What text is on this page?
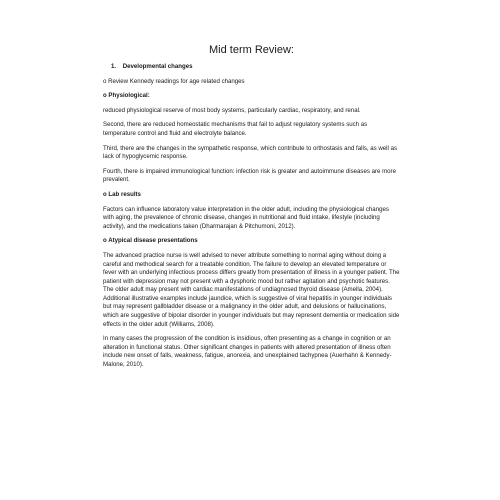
Mid term Review:
1. Developmental changes

o Review Kennedy readings for age related changes

o Physiological:

reduced physiological reserve of most body systems, particularly cardiac, respiratory, and renal.

Second, there are reduced homeostatic mechanisms that fail to adjust regulatory systems such as temperature control and fluid and electrolyte balance.

Third, there are the changes in the sympathetic response, which contribute to orthostasis and falls, as well as lack of hypoglycemic response.

Fourth, there is impaired immunological function: infection risk is greater and autoimmune diseases are more prevalent.

o Lab results

Factors can influence laboratory value interpretation in the older adult, including the physiological changes with aging, the prevalence of chronic disease, changes in nutritional and fluid intake, lifestyle (including activity), and the medications taken (Dharmarajan & Pitchumoni, 2012).

o Atypical disease presentations

The advanced practice nurse is well advised to never attribute something to normal aging without doing a careful and methodical search for a treatable condition. The failure to develop an elevated temperature or fever with an underlying infectious process differs greatly from presentation of illness in a younger patient. The patient with depression may not present with a dysphoric mood but rather agitation and psychotic features. The older adult may present with cardiac manifestations of undiagnosed thyroid disease (Amella, 2004). Additional illustrative examples include jaundice, which is suggestive of viral hepatitis in younger individuals but may represent gallbladder disease or a malignancy in the older adult, and delusions or hallucinations, which are suggestive of bipolar disorder in younger individuals but may represent dementia or medication side effects in the older adult (Williams, 2008).

In many cases the progression of the condition is insidious, often presenting as a change in cognition or an alteration in functional status. Other significant changes in patients with altered presentation of illness often include new onset of falls, weakness, fatigue, anorexia, and unexplained tachypnea (Auerhahn & Kennedy-Malone, 2010).
